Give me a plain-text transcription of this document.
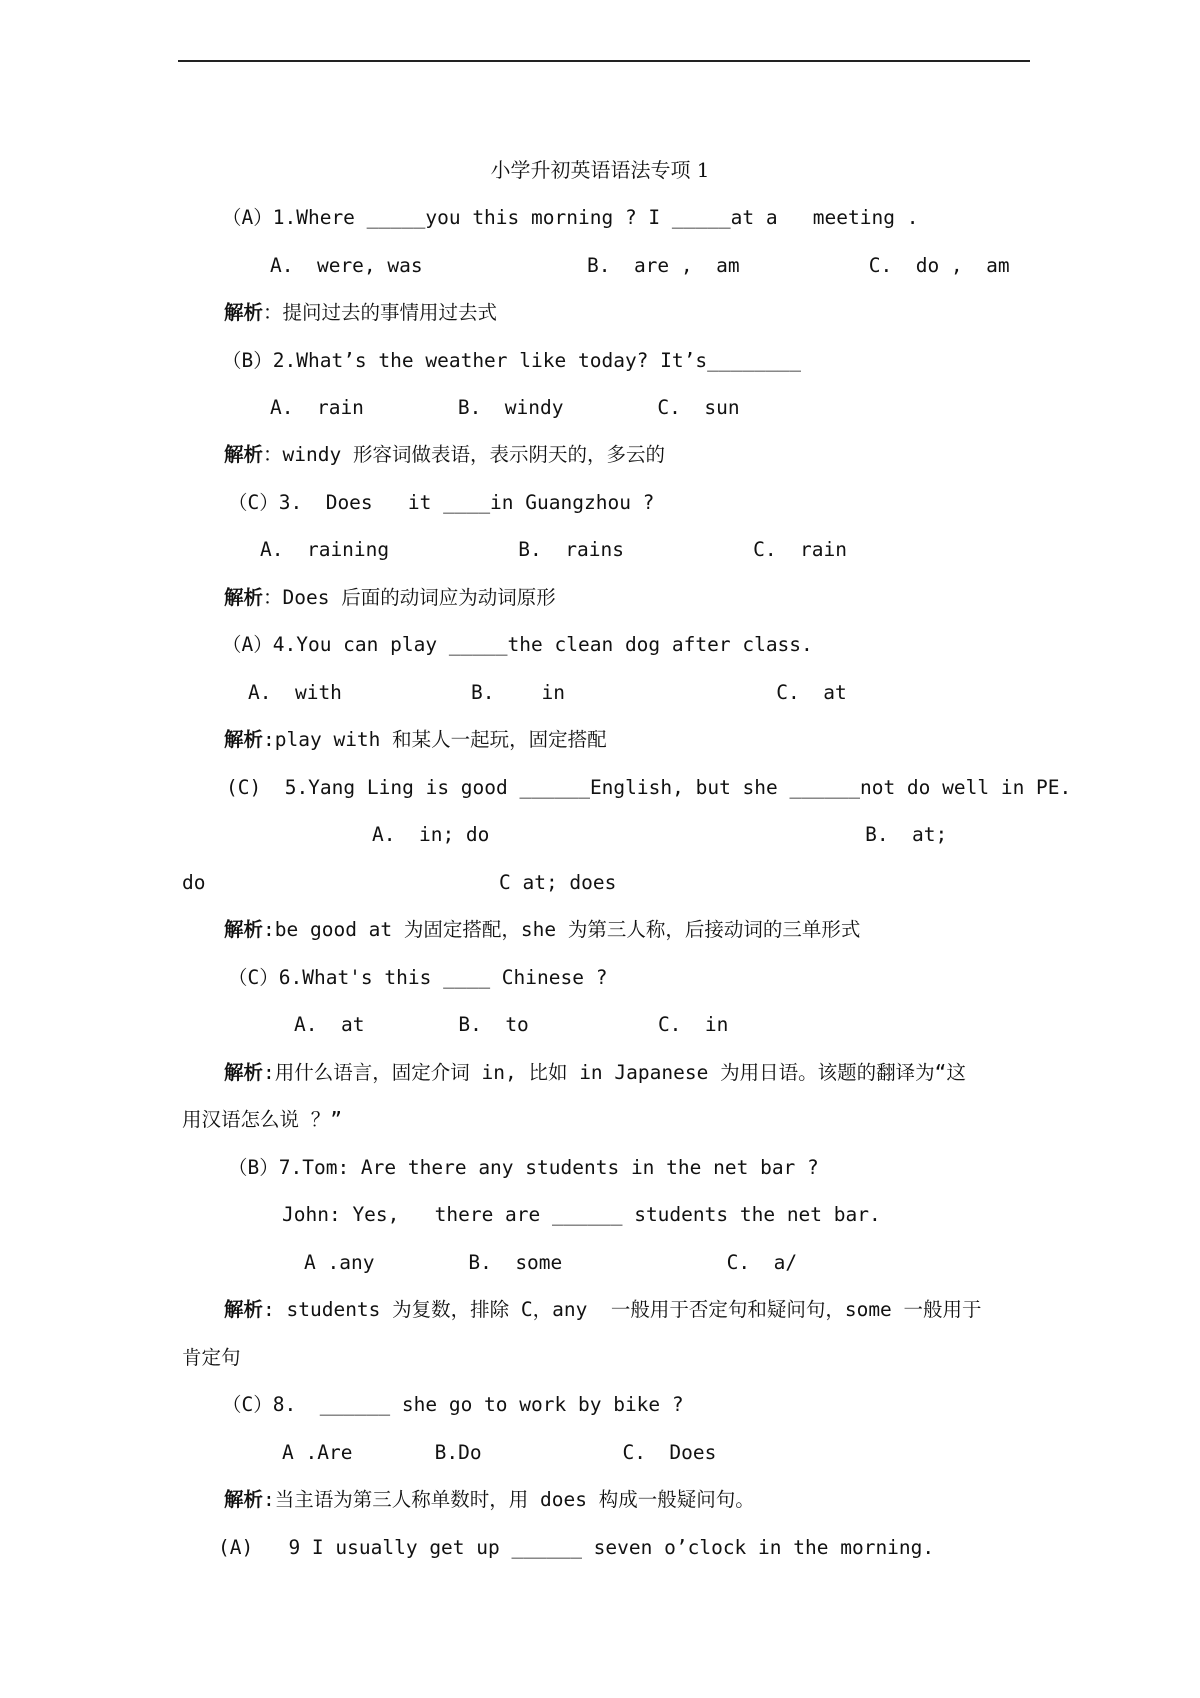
小学升初英语语法专项 1
（A）1.Where _____you this morning ? I _____at a   meeting .
A.  were, was              B.  are ,  am           C.  do ,  am
解析：提问过去的事情用过去式
（B）2.What’s the weather like today? It’s________
A.  rain        B.  windy        C.  sun
解析：windy 形容词做表语，表示阴天的，多云的
（C）3.  Does   it ____in Guangzhou ?
A.  raining           B.  rains           C.  rain
解析：Does 后面的动词应为动词原形
（A）4.You can play _____the clean dog after class.
A.  with           B.    in                  C.  at
解析:play with 和某人一起玩，固定搭配
(C)  5.Yang Ling is good ______English, but she ______not do well in PE.
A.  in; do                                B.  at;
do                         C at; does
解析:be good at 为固定搭配，she 为第三人称，后接动词的三单形式
（C）6.What's this ____ Chinese ?
A.  at        B.  to           C.  in
解析:用什么语言，固定介词 in, 比如 in Japanese 为用日语。该题的翻译为“这
用汉语怎么说 ？”
（B）7.Tom: Are there any students in the net bar ?
John: Yes,   there are ______ students the net bar.
A .any        B.  some              C.  a/
解析: students 为复数，排除 C，any  一般用于否定句和疑问句，some 一般用于
肯定句
（C）8.  ______ she go to work by bike ?
A .Are       B.Do            C.  Does
解析:当主语为第三人称单数时，用 does 构成一般疑问句。
(A)   9 I usually get up ______ seven o’clock in the morning.
